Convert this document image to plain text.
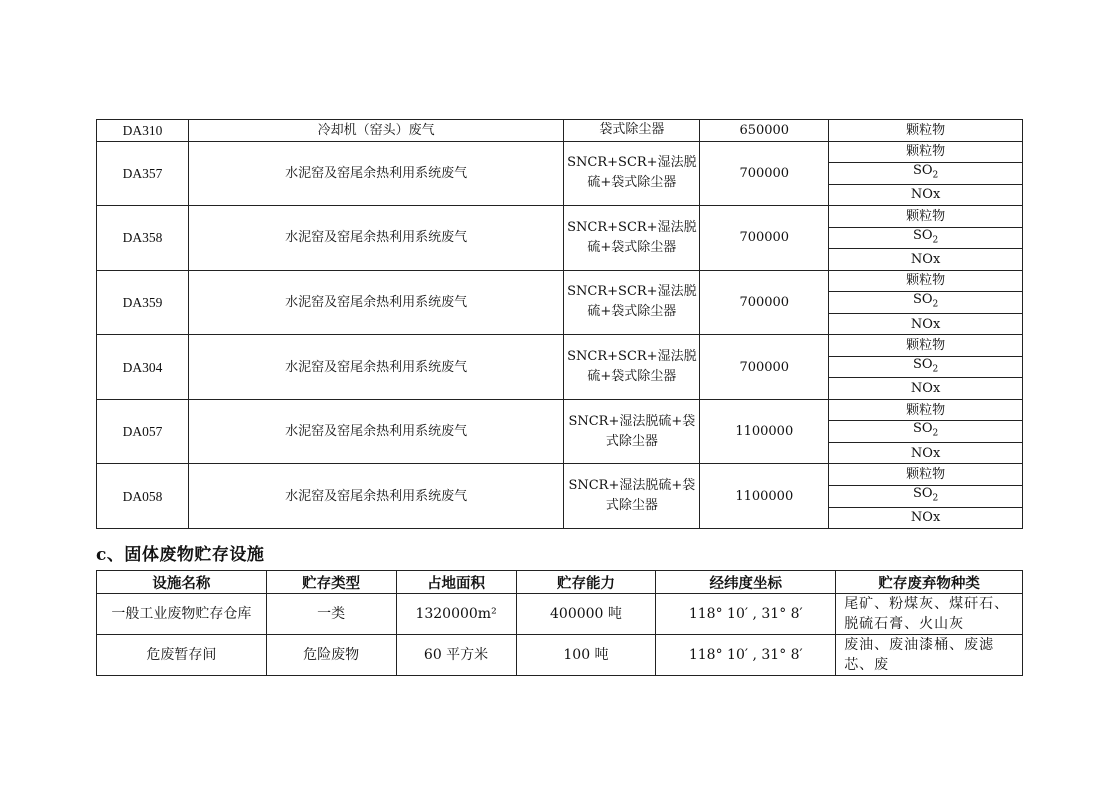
DA310	冷却机（窑头）废气	袋式除尘器	650000	颗粒物
DA357	水泥窑及窑尾余热利用系统废气	SNCR+SCR+湿法脱硫+袋式除尘器	700000	颗粒物
				$SO_2$
				NOx
DA358	水泥窑及窑尾余热利用系统废气	SNCR+SCR+湿法脱硫+袋式除尘器	700000	颗粒物
				$SO_2$
				NOx
DA359	水泥窑及窑尾余热利用系统废气	SNCR+SCR+湿法脱硫+袋式除尘器	700000	颗粒物
				$SO_2$
				NOx
DA304	水泥窑及窑尾余热利用系统废气	SNCR+SCR+湿法脱硫+袋式除尘器	700000	颗粒物
				$SO_2$
				NOx
DA057	水泥窑及窑尾余热利用系统废气	SNCR+湿法脱硫+袋式除尘器	1100000	颗粒物
				$SO_2$
				NOx
DA058	水泥窑及窑尾余热利用系统废气	SNCR+湿法脱硫+袋式除尘器	1100000	颗粒物
				$SO_2$
				NOx
c、固体废物贮存设施
设施名称	贮存类型	占地面积	贮存能力	经纬度坐标	贮存废弃物种类
一般工业废物贮存仓库	一类	1320000m²	400000 吨	118° 10′ , 31° 8′	尾矿、粉煤灰、煤矸石、脱硫石膏、火山灰
危废暂存间	危险废物	60 平方米	100 吨	118° 10′ , 31° 8′	废油、废油漆桶、废滤芯、废
